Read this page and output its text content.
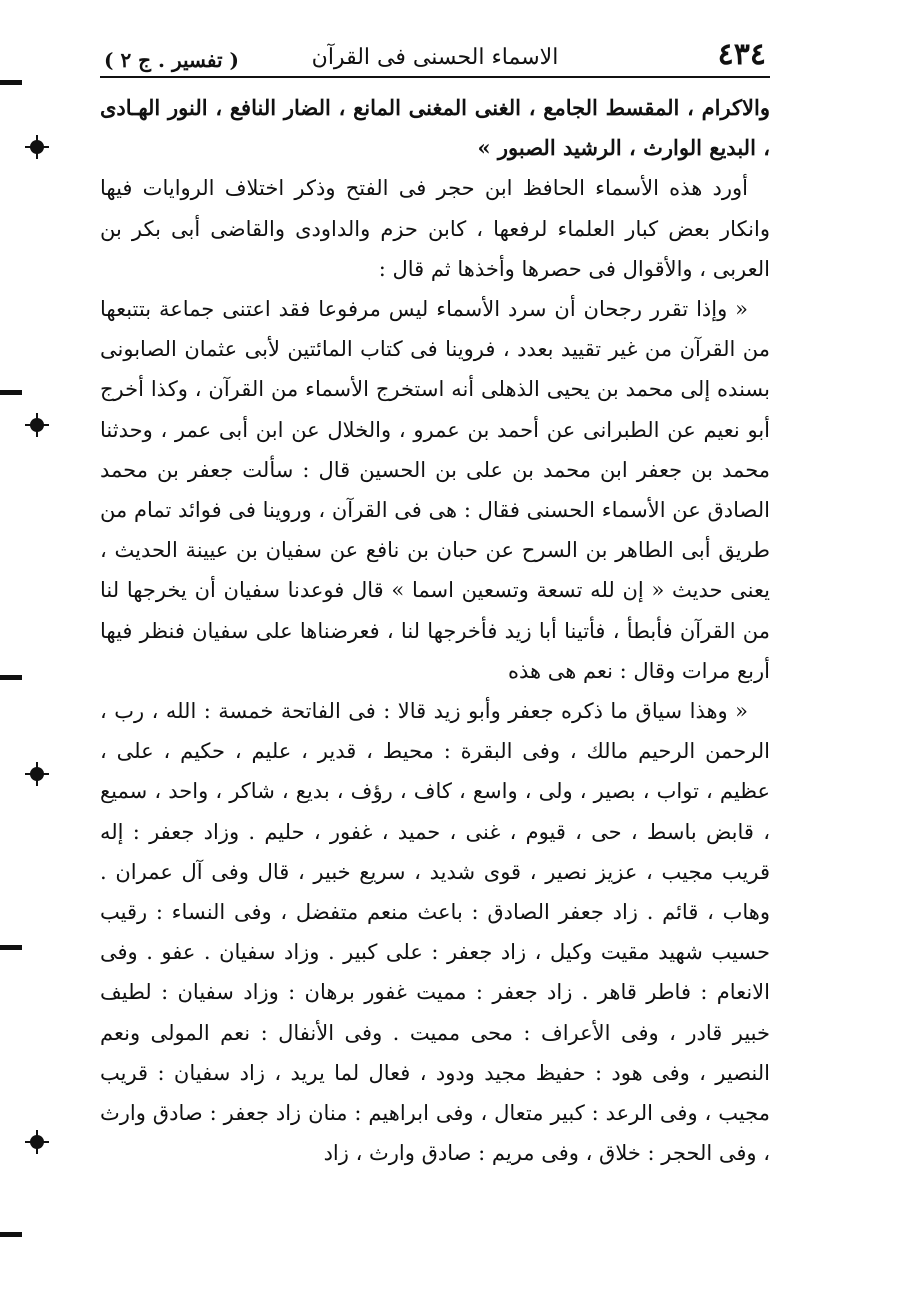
٤٣٤
الاسماء الحسنى فى القرآن
( تفسير . ج ٢ )

والاكرام ، المقسط الجامع ، الغنى المغنى المانع ، الضار النافع ، النور الهـادى ، البديع الوارث ، الرشيد الصبور »

أورد هذه الأسماء الحافظ ابن حجر فى الفتح وذكر اختلاف الروايات فيها وانكار بعض كبار العلماء لرفعها ، كابن حزم والداودى والقاضى أبى بكر بن العربى ، والأقوال فى حصرها وأخذها ثم قال :

« وإذا تقرر رجحان أن سرد الأسماء ليس مرفوعا فقد اعتنى جماعة بتتبعها من القرآن من غير تقييد بعدد ، فروينا فى كتاب المائتين لأبى عثمان الصابونى بسنده إلى محمد بن يحيى الذهلى أنه استخرج الأسماء من القرآن ، وكذا أخرج أبو نعيم عن الطبرانى عن أحمد بن عمرو ، والخلال عن ابن أبى عمر ، وحدثنا محمد بن جعفر ابن محمد بن على بن الحسين قال : سألت جعفر بن محمد الصادق عن الأسماء الحسنى فقال : هى فى القرآن ، وروينا فى فوائد تمام من طريق أبى الطاهر بن السرح عن حبان بن نافع عن سفيان بن عيينة الحديث ، يعنى حديث « إن لله تسعة وتسعين اسما » قال فوعدنا سفيان أن يخرجها لنا من القرآن فأبطأ ، فأتينا أبا زيد فأخرجها لنا ، فعرضناها على سفيان فنظر فيها أربع مرات وقال : نعم هى هذه

« وهذا سياق ما ذكره جعفر وأبو زيد قالا : فى الفاتحة خمسة : الله ، رب ، الرحمن الرحيم مالك ، وفى البقرة : محيط ، قدير ، عليم ، حكيم ، على ، عظيم ، تواب ، بصير ، ولى ، واسع ، كاف ، رؤف ، بديع ، شاكر ، واحد ، سميع ، قابض باسط ، حى ، قيوم ، غنى ، حميد ، غفور ، حليم . وزاد جعفر : إله قريب مجيب ، عزيز نصير ، قوى شديد ، سريع خبير ، قال وفى آل عمران . وهاب ، قائم . زاد جعفر الصادق : باعث منعم متفضل ، وفى النساء : رقيب حسيب شهيد مقيت وكيل ، زاد جعفر : على كبير . وزاد سفيان . عفو . وفى الانعام : فاطر قاهر . زاد جعفر : مميت غفور برهان : وزاد سفيان : لطيف خبير قادر ، وفى الأعراف : محى مميت . وفى الأنفال : نعم المولى ونعم النصير ، وفى هود : حفيظ مجيد ودود ، فعال لما يريد ، زاد سفيان : قريب مجيب ، وفى الرعد : كبير متعال ، وفى ابراهيم : منان زاد جعفر : صادق وارث ، وفى الحجر : خلاق ، وفى مريم : صادق وارث ، زاد
